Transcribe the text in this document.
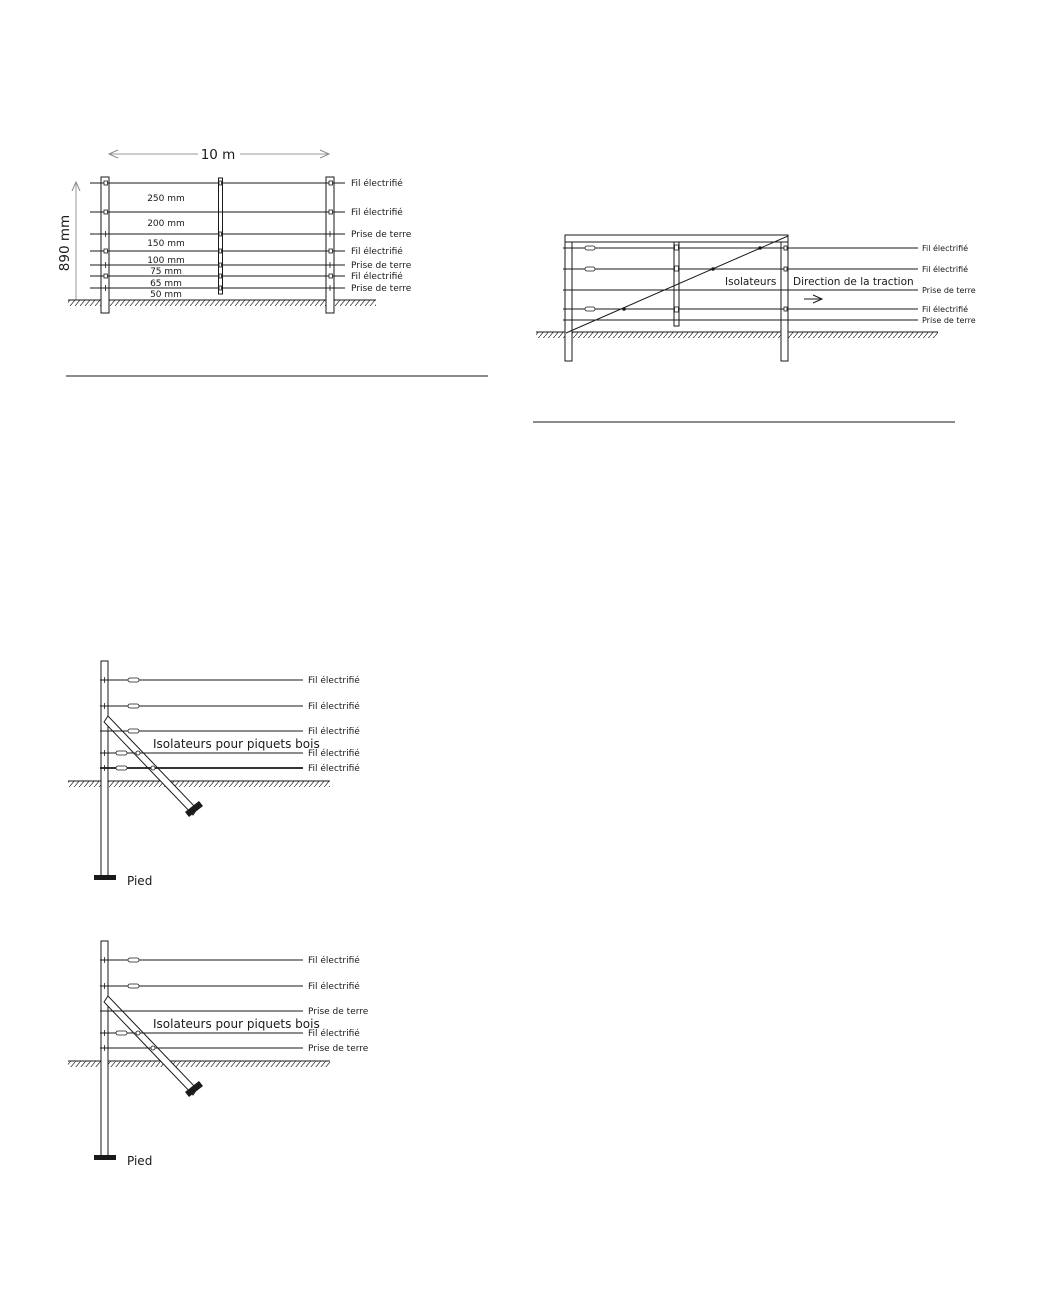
10 m
890 mm
250 mm
200 mm
150 mm
100 mm
75 mm
65 mm
50 mm
Fil électrifié
Fil électrifié
Prise de terre
Fil électrifié
Prise de terre
Fil électrifié
Prise de terre
Isolateurs Direction de la traction
Fil électrifié
Fil électrifié
Prise de terre
Fil électrifié
Prise de terre
Isolateurs pour piquets bois
Pied
Fil électrifié
Fil électrifié
Fil électrifié
Fil électrifié
Fil électrifié
Isolateurs pour piquets bois
Pied
Fil électrifié
Fil électrifié
Prise de terre
Fil électrifié
Prise de terre
